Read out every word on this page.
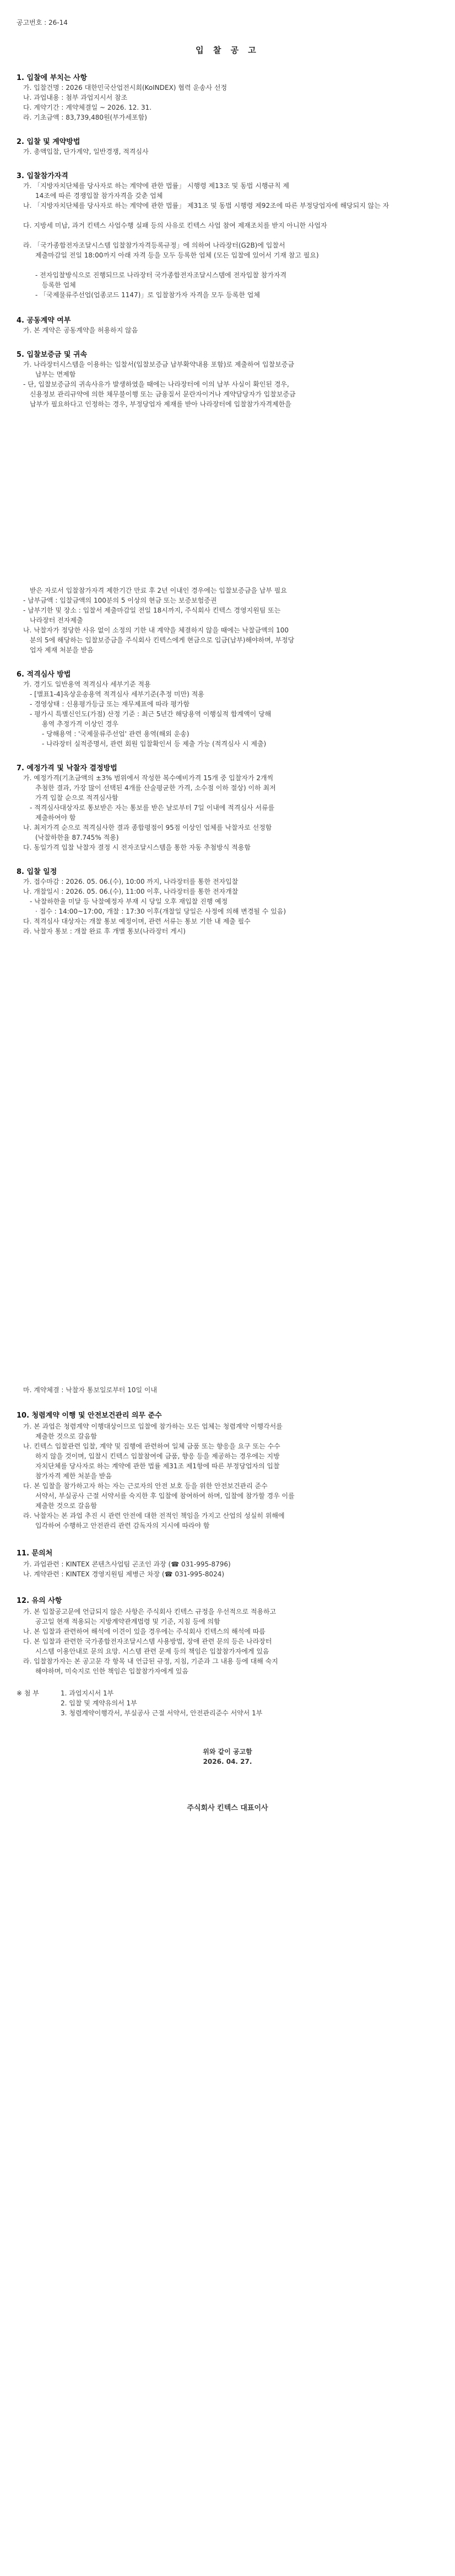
공고번호 : 26-14
입 찰 공 고
1. 입찰에 부치는 사항
가. 입찰건명 : 2026 대한민국산업전시회(KoINDEX) 협력 운송사 선정
나. 과업내용 : 첨부 과업지시서 참조
다. 계약기간 : 계약체결일 ~ 2026. 12. 31.
라. 기초금액 : 83,739,480원(부가세포함)
2. 입찰 및 계약방법
가. 총액입찰, 단가계약, 일반경쟁, 적격심사
3. 입찰참가자격
가. 「지방자치단체를 당사자로 하는 계약에 관한 법률」 시행령 제13조 및 동법 시행규칙 제
14조에 따른 경쟁입찰 참가자격을 갖춘 업체
나. 「지방자치단체를 당사자로 하는 계약에 관한 법률」 제31조 및 동법 시행령 제92조에 따른 부정당업자에 해당되지 않는 자
다. 지방세 미납, 과거 킨텍스 사업수행 실패 등의 사유로 킨텍스 사업 참여 제재조치를 받지 아니한 사업자
라. 「국가종합전자조달시스템 입찰참가자격등록규정」에 의하여 나라장터(G2B)에 입찰서
제출마감일 전일 18:00까지 아래 자격 등을 모두 등록한 업체 (모든 입찰에 있어서 기재 참고 필요)
- 전자입찰방식으로 진행되므로 나라장터 국가종합전자조달시스템에 전자입찰 참가자격
등록한 업체
- 「국제물류주선업(업종코드 1147)」로 입찰참가자 자격을 모두 등록한 업체
4. 공동계약 여부
가. 본 계약은 공동계약을 허용하지 않음
5. 입찰보증금 및 귀속
가. 나라장터시스템을 이용하는 입찰서(입찰보증금 납부확약내용 포함)로 제출하여 입찰보증금
납부는 면제함
- 단, 입찰보증금의 귀속사유가 발생하였을 때에는 나라장터에 이의 납부 사실이 확인된 경우,
신용정보 관리규약에 의한 채무불이행 또는 금융질서 문란자이거나 계약담당자가 입찰보증금
납부가 필요하다고 인정하는 경우, 부정당업자 제재를 받아 나라장터에 입찰참가자격제한을
받은 자로서 입찰참가자격 제한기간 만료 후 2년 이내인 경우에는 입찰보증금을 납부 필요
- 납부금액 : 입찰금액의 100분의 5 이상의 현금 또는 보증보험증권
- 납부기한 및 장소 : 입찰서 제출마감일 전일 18시까지, 주식회사 킨텍스 경영지원팀 또는
나라장터 전자제출
나. 낙찰자가 정당한 사유 없이 소정의 기한 내 계약을 체결하지 않을 때에는 낙찰금액의 100
분의 5에 해당하는 입찰보증금을 주식회사 킨텍스에게 현금으로 입금(납부)해야하며, 부정당
업자 제재 처분을 받음
6. 적격심사 방법
가. 경기도 일반용역 적격심사 세부기준 적용
- [별표1-4]옥상운송용역 적격심사 세부기준(추정 미만) 적용
- 경영상태 : 신용평가등급 또는 재무제표에 따라 평가함
- 평가시 특별신인도(가점) 산정 기준 : 최근 5년간 해당용역 이행실적 합계액이 당해
용역 추정가격 이상인 경우
- 당해용역 : '국제물류주선업' 관련 용역(해외 운송)
- 나라장터 실적증명서, 관련 회원 입찰확인서 등 제출 가능 (적격심사 시 제출)
7. 예정가격 및 낙찰자 결정방법
가. 예정가격(기초금액의 ±3% 범위에서 작성한 복수예비가격 15개 중 입찰자가 2개씩
추첨한 결과, 가장 많이 선택된 4개를 산술평균한 가격, 소수점 이하 절상) 이하 최저
가격 입찰 순으로 적격심사함
- 적격심사대상자로 통보받은 자는 통보를 받은 날로부터 7일 이내에 적격심사 서류를
제출하여야 함
나. 최저가격 순으로 적격심사한 결과 종합평점이 95점 이상인 업체를 낙찰자로 선정함
(낙찰하한율 87.745% 적용)
다. 동일가격 입찰 낙찰자 결정 시 전자조달시스템을 통한 자동 추첨방식 적용함
8. 입찰 일정
가. 접수마감 : 2026. 05. 06.(수), 10:00 까지, 나라장터를 통한 전자입찰
나. 개찰일시 : 2026. 05. 06.(수), 11:00 이후, 나라장터를 통한 전자개찰
- 낙찰하한율 미달 등 낙찰예정자 부재 시 당일 오후 재입찰 진행 예정
· 접수 : 14:00~17:00, 개찰 : 17:30 이후(개찰일 당일은 사정에 의해 변경될 수 있음)
다. 적격심사 대상자는 개찰 통보 예정이며, 관련 서류는 통보 기한 내 제출 필수
라. 낙찰자 통보 : 개찰 완료 후 개별 통보(나라장터 게시)
마. 계약체결 : 낙찰자 통보일로부터 10일 이내
10. 청렴계약 이행 및 안전보건관리 의무 준수
가. 본 과업은 청렴계약 이행대상이므로 입찰에 참가하는 모든 업체는 청렴계약 이행각서를
제출한 것으로 갈음함
나. 킨텍스 입찰관련 입찰, 계약 및 집행에 관련하여 일체 금품 또는 향응을 요구 또는 수수
하지 않을 것이며, 입찰시 킨텍스 입찰참여에 금품, 향응 등을 제공하는 경우에는 지방
자치단체를 당사자로 하는 계약에 관한 법률 제31조 제1항에 따른 부정당업자의 입찰
참가자격 제한 처분을 받음
다. 본 입찰을 참가하고자 하는 자는 근로자의 안전 보호 등을 위한 안전보건관리 준수
서약서, 부실공사 근절 서약서를 숙지한 후 입찰에 참여하여 하며, 입찰에 참가할 경우 이를
제출한 것으로 갈음함
라. 낙찰자는 본 과업 추진 시 관련 안전에 대한 전적인 책임을 가지고 산업의 성실히 위해에
입각하여 수행하고 안전관리 관련 감독자의 지시에 따라야 함
11. 문의처
가. 과업관련 : KINTEX 콘텐츠사업팀 곤조인 과장 (☎ 031-995-8796)
나. 계약관련 : KINTEX 경영지원팀 제병근 차장 (☎ 031-995-8024)
12. 유의 사항
가. 본 입찰공고문에 언급되지 않은 사항은 주식회사 킨텍스 규정을 우선적으로 적용하고
공고일 현재 적용되는 지방계약관계법령 및 기준, 지침 등에 의함
나. 본 입찰과 관련하여 해석에 이견이 있을 경우에는 주식회사 킨텍스의 해석에 따름
다. 본 입찰과 관련한 국가종합전자조달시스템 사용방법, 장애 관련 문의 등은 나라장터
시스템 이용안내로 문의 요망. 시스템 관련 문제 등의 책임은 입찰참가자에게 있음
라. 입찰참가자는 본 공고문 각 항목 내 언급된 규정, 지침, 기준과 그 내용 등에 대해 숙지
해야하며, 미숙지로 인한 책임은 입찰참가자에게 있음
※ 첨 부	1. 과업지시서 1부
2. 입찰 및 계약유의서 1부
3. 청렴계약이행각서, 부실공사 근절 서약서, 안전관리준수 서약서 1부
위와 같이 공고함
2026. 04. 27.
주식회사 킨텍스 대표이사
